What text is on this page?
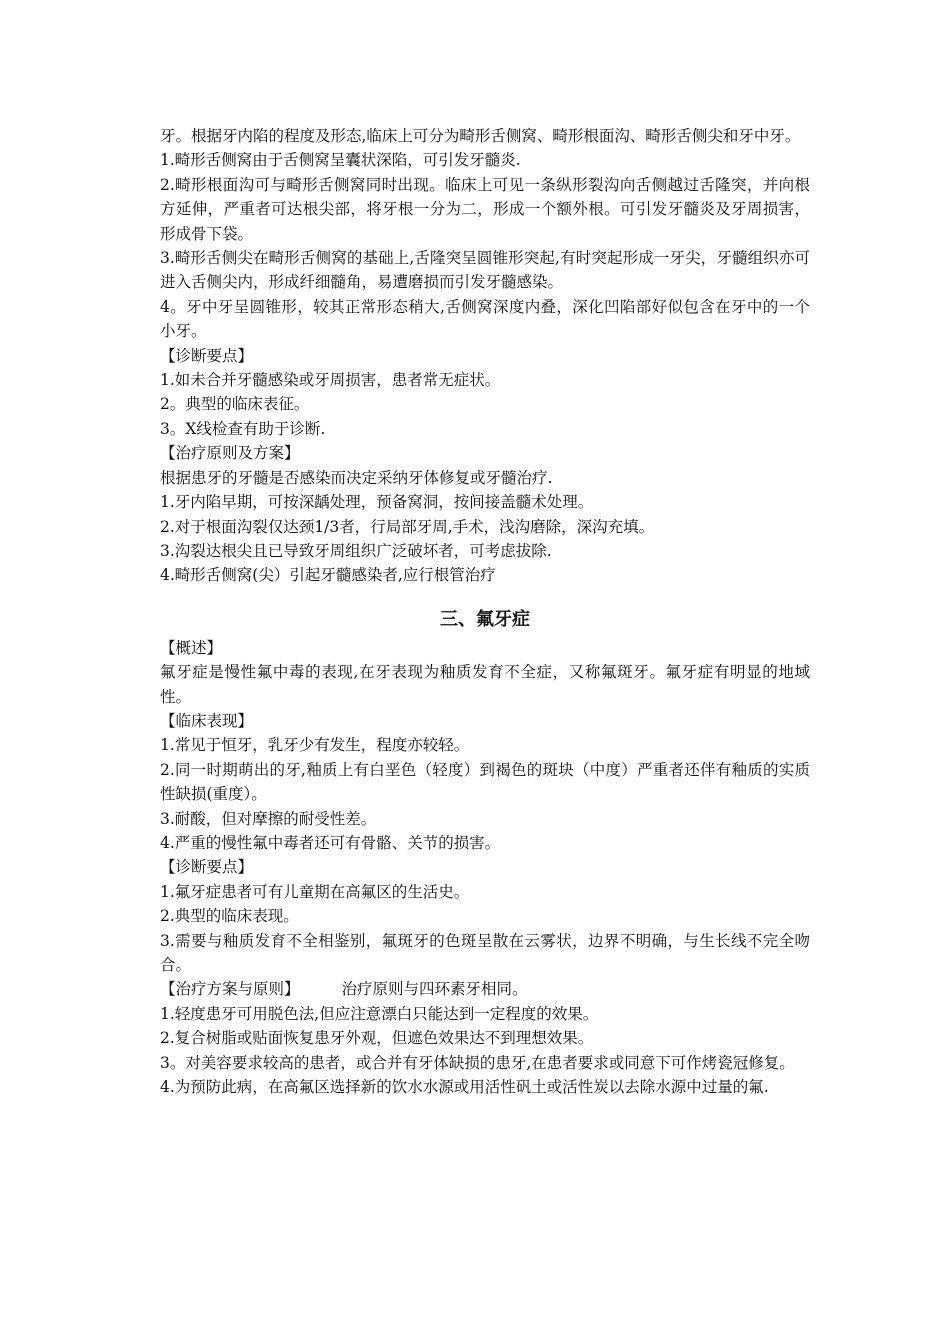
牙。根据牙内陷的程度及形态,临床上可分为畸形舌侧窝、畸形根面沟、畸形舌侧尖和牙中牙。

1.畸形舌侧窝由于舌侧窝呈囊状深陷，可引发牙髓炎.

2.畸形根面沟可与畸形舌侧窝同时出现。临床上可见一条纵形裂沟向舌侧越过舌隆突，并向根方延伸，严重者可达根尖部，将牙根一分为二，形成一个额外根。可引发牙髓炎及牙周损害，形成骨下袋。

3.畸形舌侧尖在畸形舌侧窝的基础上,舌隆突呈圆锥形突起,有时突起形成一牙尖，牙髓组织亦可进入舌侧尖内，形成纤细髓角，易遭磨损而引发牙髓感染。

4。牙中牙呈圆锥形，较其正常形态稍大,舌侧窝深度内叠，深化凹陷部好似包含在牙中的一个小牙。

【诊断要点】

1.如未合并牙髓感染或牙周损害，患者常无症状。

2。典型的临床表征。

3。X线检查有助于诊断.

【治疗原则及方案】

根据患牙的牙髓是否感染而决定采纳牙体修复或牙髓治疗.

1.牙内陷早期，可按深龋处理，预备窝洞，按间接盖髓术处理。

2.对于根面沟裂仅达颈1/3者，行局部牙周,手术，浅沟磨除，深沟充填。

3.沟裂达根尖且已导致牙周组织广泛破坏者，可考虑拔除.

4.畸形舌侧窝(尖）引起牙髓感染者,应行根管治疗

三、氟牙症

【概述】

氟牙症是慢性氟中毒的表现,在牙表现为釉质发育不全症，又称氟斑牙。氟牙症有明显的地域性。

【临床表现】

1.常见于恒牙，乳牙少有发生，程度亦较轻。

2.同一时期萌出的牙,釉质上有白垩色（轻度）到褐色的斑块（中度）严重者还伴有釉质的实质性缺损(重度）。

3.耐酸，但对摩擦的耐受性差。

4.严重的慢性氟中毒者还可有骨骼、关节的损害。

【诊断要点】

1.氟牙症患者可有儿童期在高氟区的生活史。

2.典型的临床表现。

3.需要与釉质发育不全相鉴别，氟斑牙的色斑呈散在云雾状，边界不明确，与生长线不完全吻合。

【治疗方案与原则】	治疗原则与四环素牙相同。

1.轻度患牙可用脱色法,但应注意漂白只能达到一定程度的效果。

2.复合树脂或贴面恢复患牙外观，但遮色效果达不到理想效果。

3。对美容要求较高的患者，或合并有牙体缺损的患牙,在患者要求或同意下可作烤瓷冠修复。

4.为预防此病，在高氟区选择新的饮水水源或用活性矾土或活性炭以去除水源中过量的氟.
